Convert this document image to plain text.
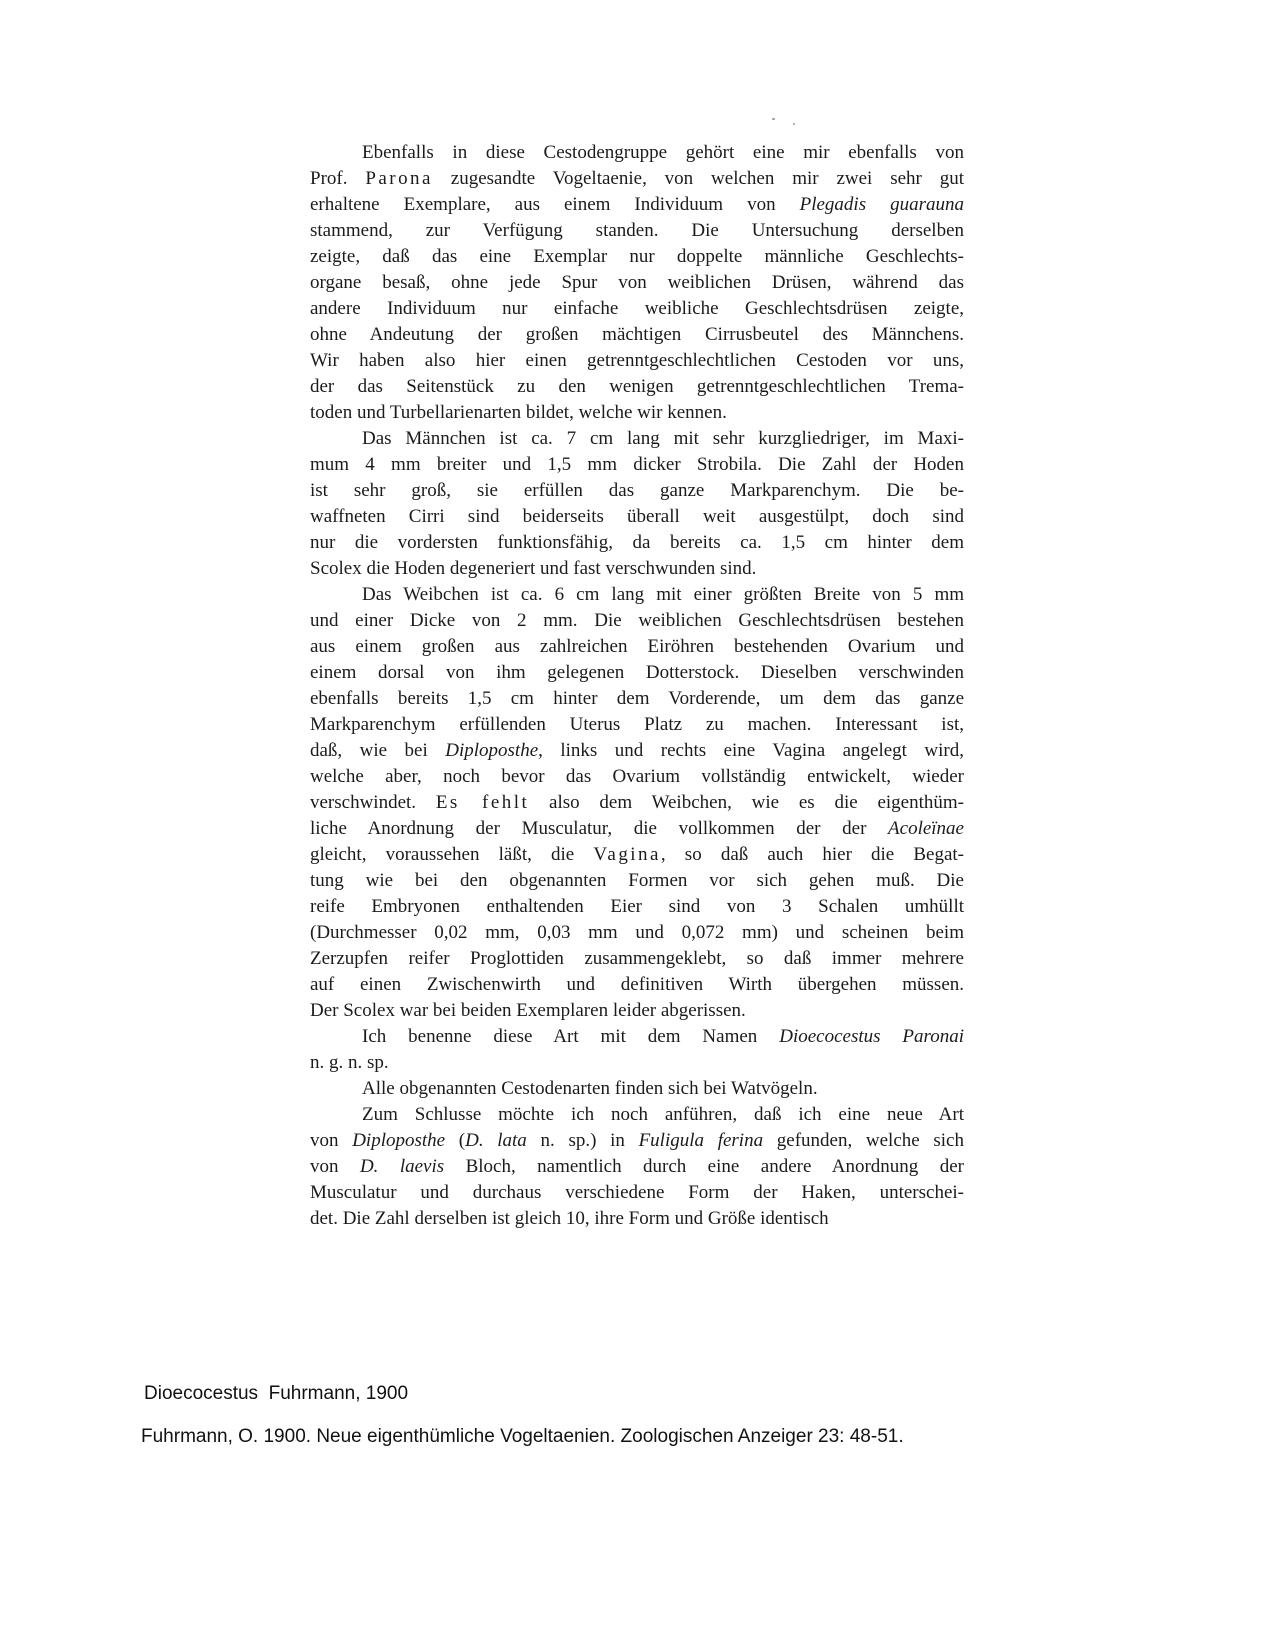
Ebenfalls in diese Cestodengruppe gehört eine mir ebenfalls von
Prof. Parona zugesandte Vogeltaenie, von welchen mir zwei sehr gut
erhaltene Exemplare, aus einem Individuum von Plegadis guarauna
stammend, zur Verfügung standen. Die Untersuchung derselben
zeigte, daß das eine Exemplar nur doppelte männliche Geschlechts-
organe besaß, ohne jede Spur von weiblichen Drüsen, während das
andere Individuum nur einfache weibliche Geschlechtsdrüsen zeigte,
ohne Andeutung der großen mächtigen Cirrusbeutel des Männchens.
Wir haben also hier einen getrenntgeschlechtlichen Cestoden vor uns,
der das Seitenstück zu den wenigen getrenntgeschlechtlichen Trema-
toden und Turbellarienarten bildet, welche wir kennen.
Das Männchen ist ca. 7 cm lang mit sehr kurzgliedriger, im Maxi-
mum 4 mm breiter und 1,5 mm dicker Strobila. Die Zahl der Hoden
ist sehr groß, sie erfüllen das ganze Markparenchym. Die be-
waffneten Cirri sind beiderseits überall weit ausgestülpt, doch sind
nur die vordersten funktionsfähig, da bereits ca. 1,5 cm hinter dem
Scolex die Hoden degeneriert und fast verschwunden sind.
Das Weibchen ist ca. 6 cm lang mit einer größten Breite von 5 mm
und einer Dicke von 2 mm. Die weiblichen Geschlechtsdrüsen bestehen
aus einem großen aus zahlreichen Eiröhren bestehenden Ovarium und
einem dorsal von ihm gelegenen Dotterstock. Dieselben verschwinden
ebenfalls bereits 1,5 cm hinter dem Vorderende, um dem das ganze
Markparenchym erfüllenden Uterus Platz zu machen. Interessant ist,
daß, wie bei Diploposthe, links und rechts eine Vagina angelegt wird,
welche aber, noch bevor das Ovarium vollständig entwickelt, wieder
verschwindet. Es fehlt also dem Weibchen, wie es die eigenthüm-
liche Anordnung der Musculatur, die vollkommen der der Acoleïnae
gleicht, voraussehen läßt, die Vagina, so daß auch hier die Begat-
tung wie bei den obgenannten Formen vor sich gehen muß. Die
reife Embryonen enthaltenden Eier sind von 3 Schalen umhüllt
(Durchmesser 0,02 mm, 0,03 mm und 0,072 mm) und scheinen beim
Zerzupfen reifer Proglottiden zusammengeklebt, so daß immer mehrere
auf einen Zwischenwirth und definitiven Wirth übergehen müssen.
Der Scolex war bei beiden Exemplaren leider abgerissen.
Ich benenne diese Art mit dem Namen Dioecocestus Paronai
n. g. n. sp.
Alle obgenannten Cestodenarten finden sich bei Watvögeln.
Zum Schlusse möchte ich noch anführen, daß ich eine neue Art
von Diploposthe (D. lata n. sp.) in Fuligula ferina gefunden, welche sich
von D. laevis Bloch, namentlich durch eine andere Anordnung der
Musculatur und durchaus verschiedene Form der Haken, unterschei-
det. Die Zahl derselben ist gleich 10, ihre Form und Größe identisch
Dioecocestus  Fuhrmann, 1900
Fuhrmann, O. 1900. Neue eigenthümliche Vogeltaenien. Zoologischen Anzeiger 23: 48-51.
